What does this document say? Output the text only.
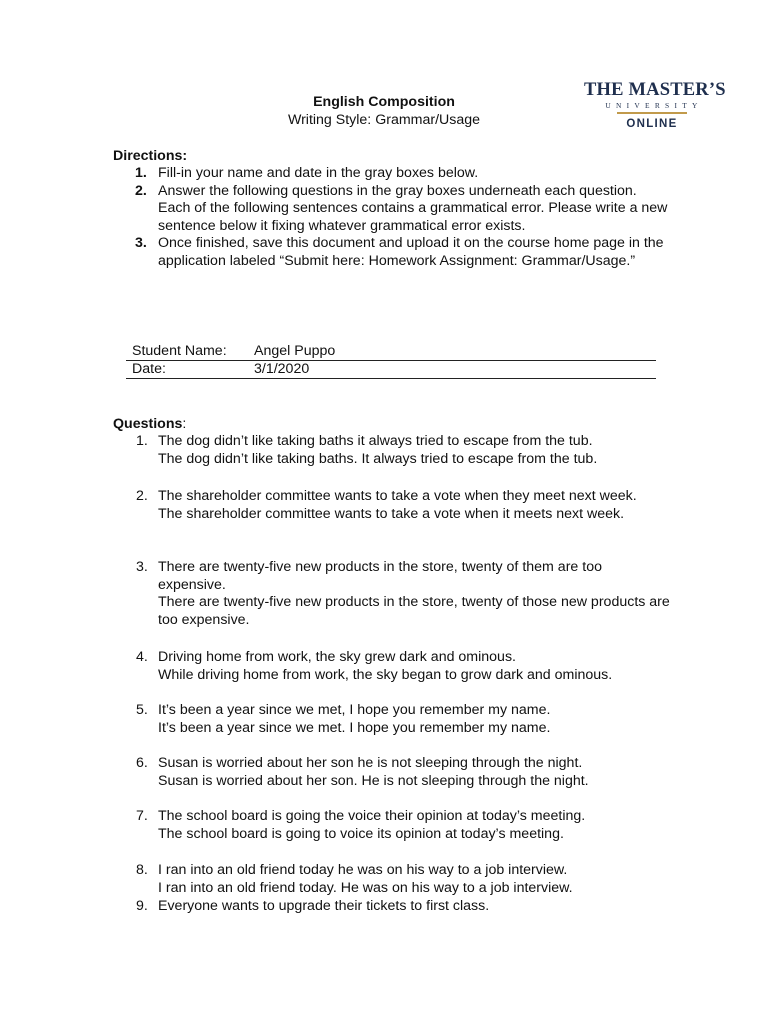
THE MASTER’S
UNIVERSITY
ONLINE
English Composition
Writing Style: Grammar/Usage
Directions:
1. Fill-in your name and date in the gray boxes below.
2. Answer the following questions in the gray boxes underneath each question. Each of the following sentences contains a grammatical error. Please write a new sentence below it fixing whatever grammatical error exists.
3. Once finished, save this document and upload it on the course home page in the application labeled “Submit here: Homework Assignment: Grammar/Usage.”
Student Name:	Angel Puppo
Date:	3/1/2020
Questions:
1. The dog didn’t like taking baths it always tried to escape from the tub.
The dog didn’t like taking baths. It always tried to escape from the tub.
2. The shareholder committee wants to take a vote when they meet next week.
The shareholder committee wants to take a vote when it meets next week.
3. There are twenty-five new products in the store, twenty of them are too expensive.
There are twenty-five new products in the store, twenty of those new products are too expensive.
4. Driving home from work, the sky grew dark and ominous.
While driving home from work, the sky began to grow dark and ominous.
5. It’s been a year since we met, I hope you remember my name.
It’s been a year since we met. I hope you remember my name.
6. Susan is worried about her son he is not sleeping through the night.
Susan is worried about her son. He is not sleeping through the night.
7. The school board is going the voice their opinion at today’s meeting.
The school board is going to voice its opinion at today’s meeting.
8. I ran into an old friend today he was on his way to a job interview.
I ran into an old friend today. He was on his way to a job interview.
9. Everyone wants to upgrade their tickets to first class.
